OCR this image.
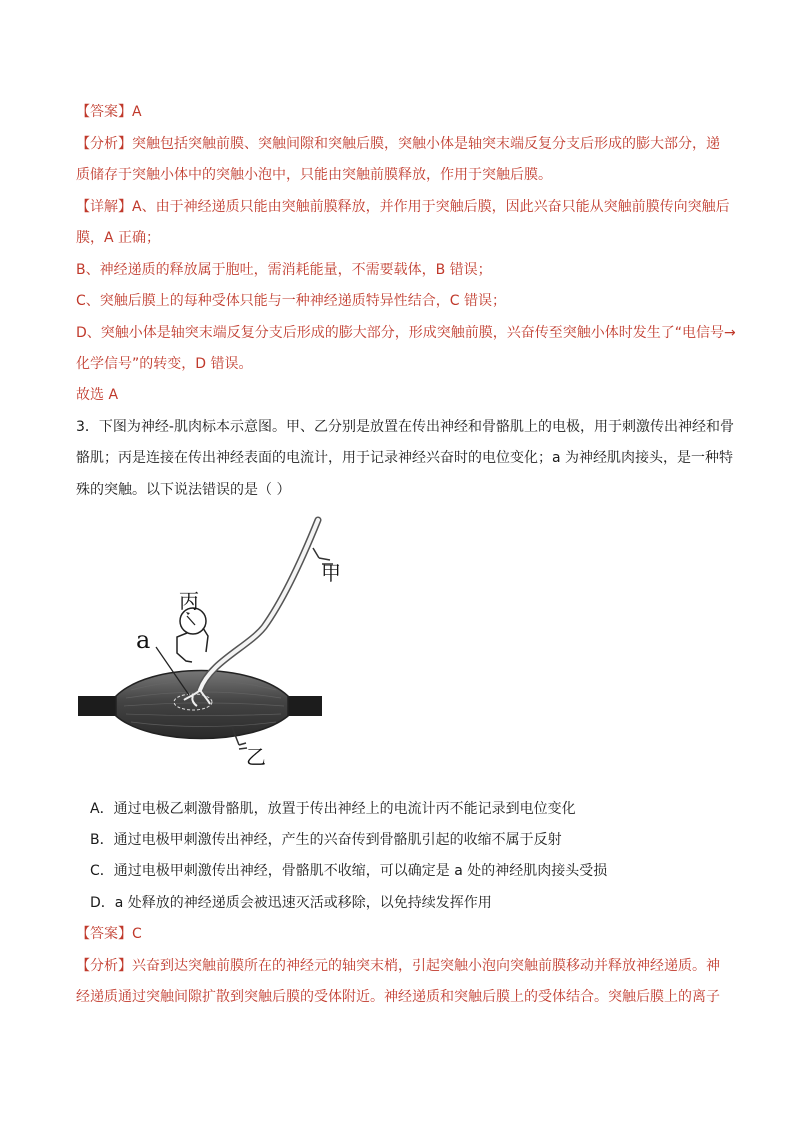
【答案】A
【分析】突触包括突触前膜、突触间隙和突触后膜，突触小体是轴突末端反复分支后形成的膨大部分，递
质储存于突触小体中的突触小泡中，只能由突触前膜释放，作用于突触后膜。
【详解】A、由于神经递质只能由突触前膜释放，并作用于突触后膜，因此兴奋只能从突触前膜传向突触后
膜，A 正确；
B、神经递质的释放属于胞吐，需消耗能量，不需要载体，B 错误；
C、突触后膜上的每种受体只能与一种神经递质特异性结合，C 错误；
D、突触小体是轴突末端反复分支后形成的膨大部分，形成突触前膜，兴奋传至突触小体时发生了“电信号→
化学信号”的转变，D 错误。
故选 A
3．下图为神经-肌肉标本示意图。甲、乙分别是放置在传出神经和骨骼肌上的电极，用于刺激传出神经和骨
骼肌；丙是连接在传出神经表面的电流计，用于记录神经兴奋时的电位变化；a 为神经肌肉接头，是一种特
殊的突触。以下说法错误的是（ ）
甲
丙
a
乙
A．通过电极乙刺激骨骼肌，放置于传出神经上的电流计丙不能记录到电位变化
B．通过电极甲刺激传出神经，产生的兴奋传到骨骼肌引起的收缩不属于反射
C．通过电极甲刺激传出神经，骨骼肌不收缩，可以确定是 a 处的神经肌肉接头受损
D．a 处释放的神经递质会被迅速灭活或移除，以免持续发挥作用
【答案】C
【分析】兴奋到达突触前膜所在的神经元的轴突末梢，引起突触小泡向突触前膜移动并释放神经递质。神
经递质通过突触间隙扩散到突触后膜的受体附近。神经递质和突触后膜上的受体结合。突触后膜上的离子
